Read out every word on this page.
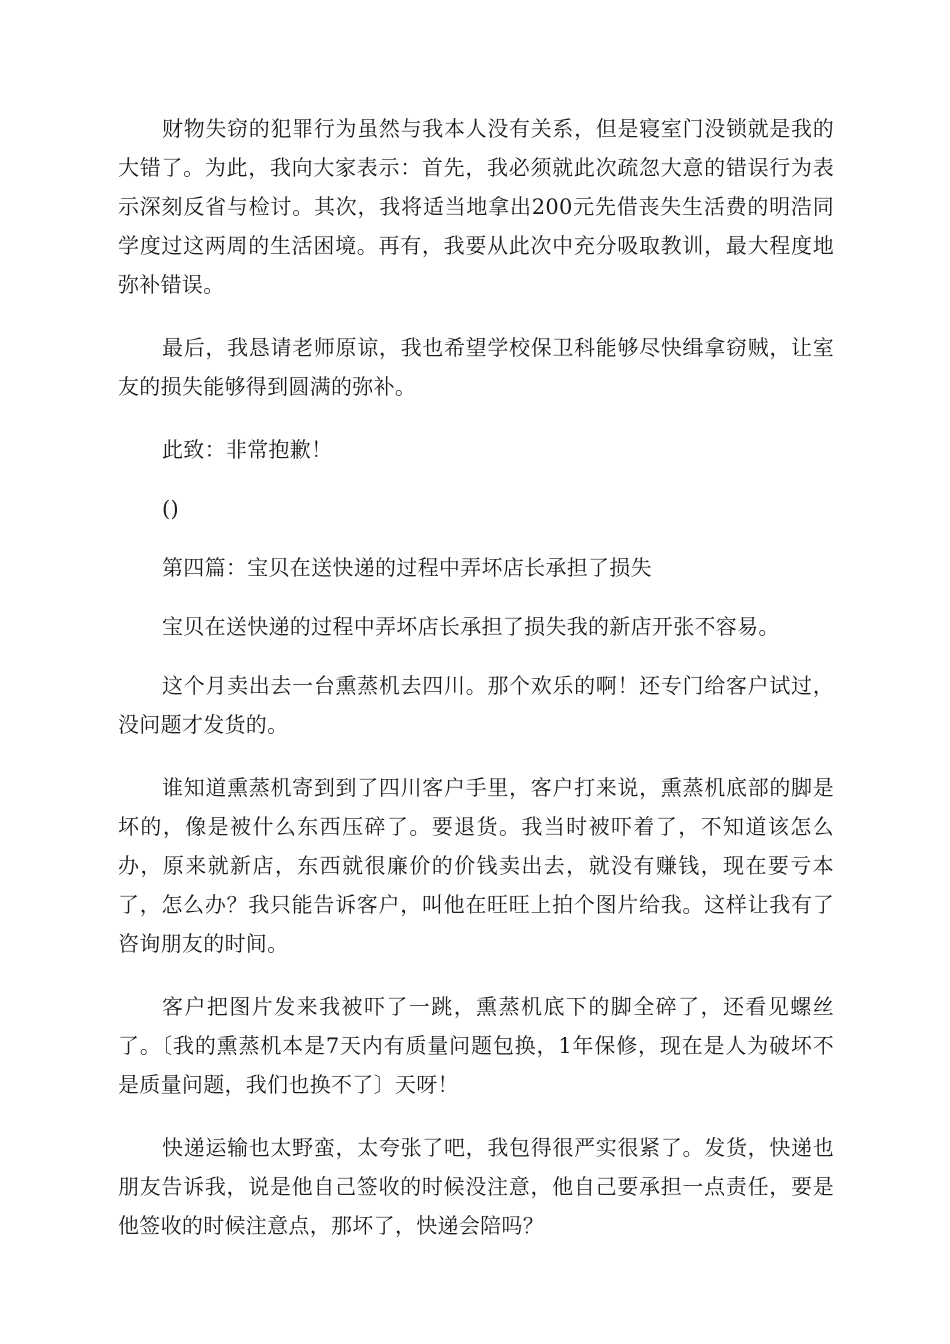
财物失窃的犯罪行为虽然与我本人没有关系，但是寝室门没锁就是我的大错了。为此，我向大家表示：首先，我必须就此次疏忽大意的错误行为表示深刻反省与检讨。其次，我将适当地拿出200元先借丧失生活费的明浩同学度过这两周的生活困境。再有，我要从此次中充分吸取教训，最大程度地弥补错误。

最后，我恳请老师原谅，我也希望学校保卫科能够尽快缉拿窃贼，让室友的损失能够得到圆满的弥补。

此致：非常抱歉！

()

第四篇：宝贝在送快递的过程中弄坏店长承担了损失

宝贝在送快递的过程中弄坏店长承担了损失我的新店开张不容易。

这个月卖出去一台熏蒸机去四川。那个欢乐的啊！还专门给客户试过，没问题才发货的。

谁知道熏蒸机寄到到了四川客户手里，客户打来说，熏蒸机底部的脚是坏的，像是被什么东西压碎了。要退货。我当时被吓着了，不知道该怎么办，原来就新店，东西就很廉价的价钱卖出去，就没有赚钱，现在要亏本了，怎么办？我只能告诉客户，叫他在旺旺上拍个图片给我。这样让我有了咨询朋友的时间。

客户把图片发来我被吓了一跳，熏蒸机底下的脚全碎了，还看见螺丝了。〔我的熏蒸机本是7天内有质量问题包换，1年保修，现在是人为破坏不是质量问题，我们也换不了〕天呀！

快递运输也太野蛮，太夸张了吧，我包得很严实很紧了。发货，快递也朋友告诉我，说是他自己签收的时候没注意，他自己要承担一点责任，要是他签收的时候注意点，那坏了，快递会陪吗？
